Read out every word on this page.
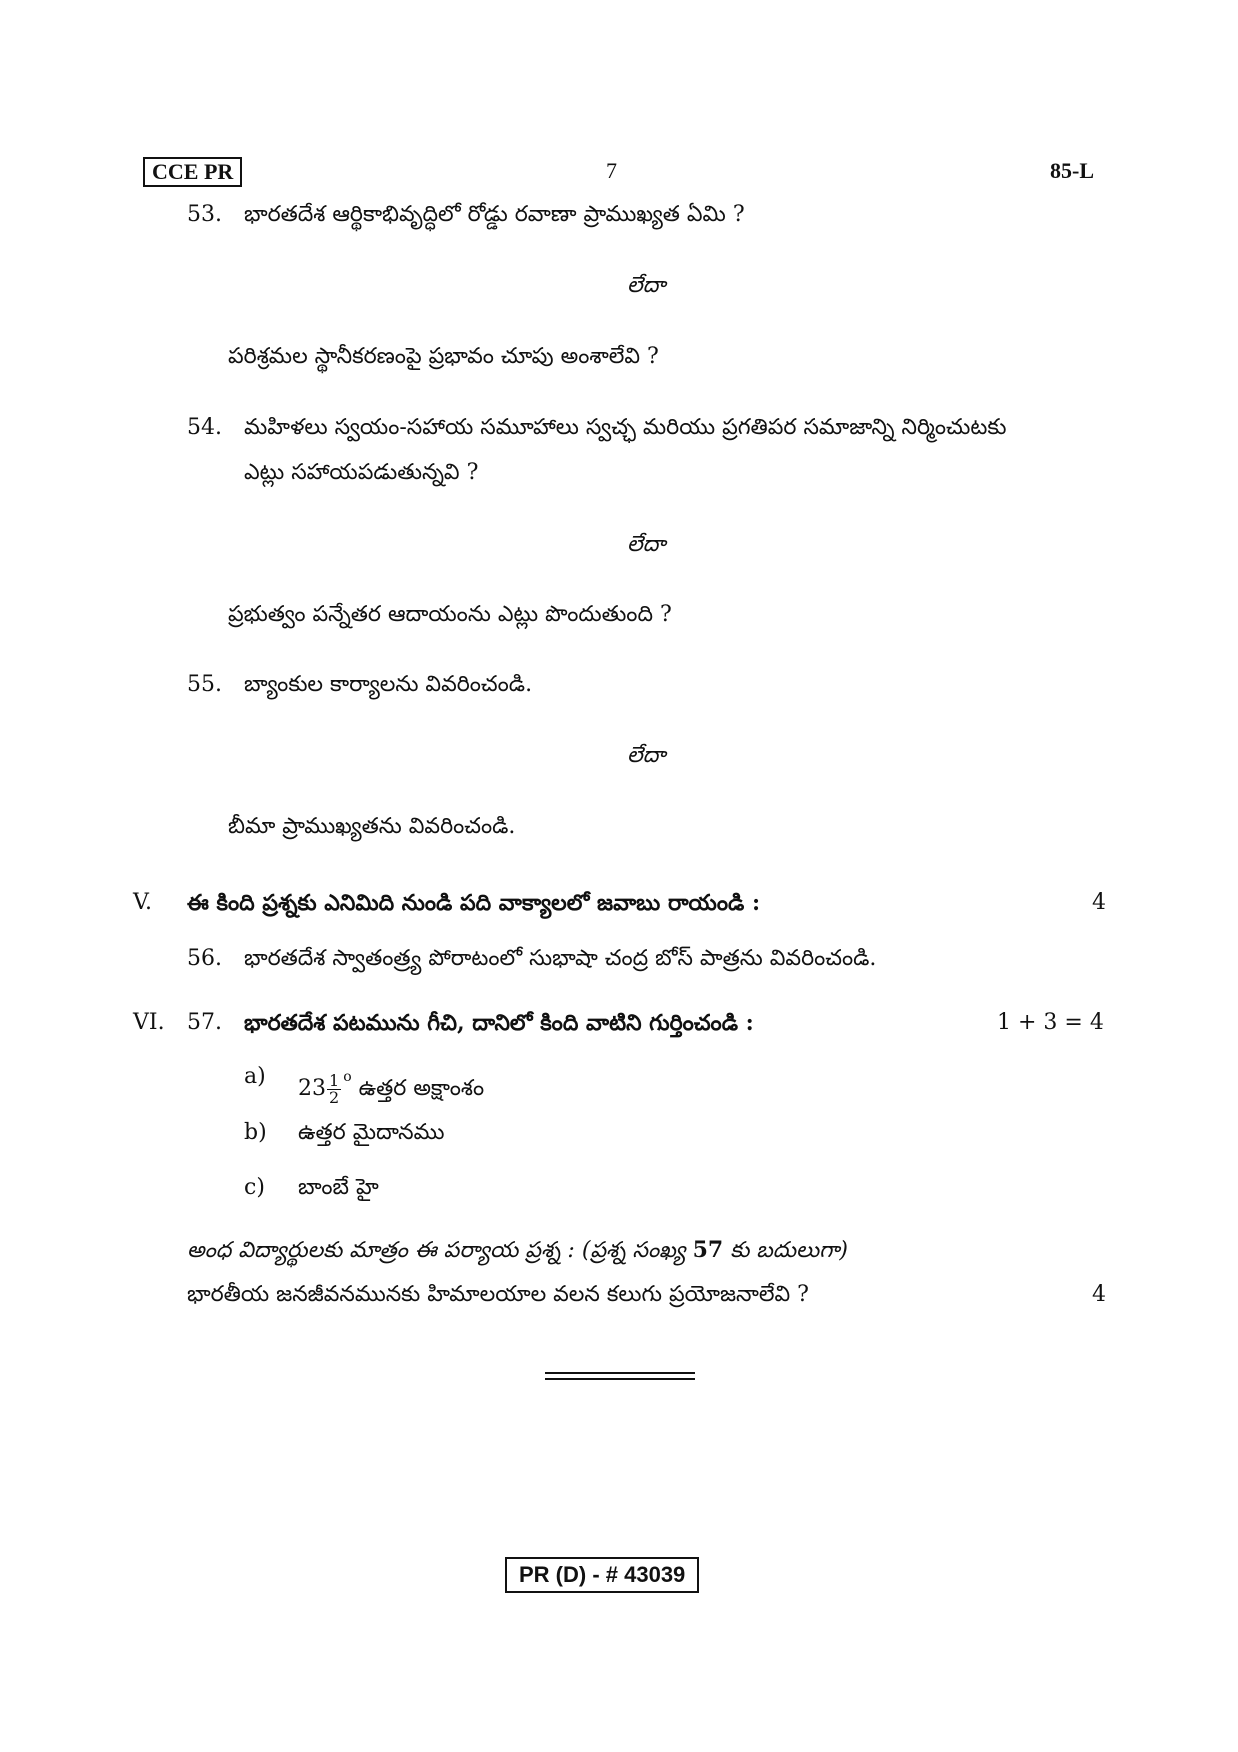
CCE PR	7	85-L
53. భారతదేశ ఆర్థికాభివృద్ధిలో రోడ్డు రవాణా ప్రాముఖ్యత ఏమి ?
లేదా
పరిశ్రమల స్థానీకరణంపై ప్రభావం చూపు అంశాలేవి ?
54. మహిళలు స్వయం-సహాయ సమూహాలు స్వచ్ఛ మరియు ప్రగతిపర సమాజాన్ని నిర్మించుటకు
ఎట్లు సహాయపడుతున్నవి ?
లేదా
ప్రభుత్వం పన్నేతర ఆదాయంను ఎట్లు పొందుతుంది ?
55. బ్యాంకుల కార్యాలను వివరించండి.
లేదా
బీమా ప్రాముఖ్యతను వివరించండి.
V. ఈ కింది ప్రశ్నకు ఎనిమిది నుండి పది వాక్యాలలో జవాబు రాయండి :	4
56. భారతదేశ స్వాతంత్ర్య పోరాటంలో సుభాషా చంద్ర బోస్ పాత్రను వివరించండి.
VI. 57. భారతదేశ పటమును గీచి, దానిలో కింది వాటిని గుర్తించండి :	1 + 3 = 4
a) $23 \frac{1}{2} ^o$ ఉత్తర అక్షాంశం
b) ఉత్తర మైదానము
c) బాంబే హై
అంధ విద్యార్థులకు మాత్రం ఈ పర్యాయ ప్రశ్న : (ప్రశ్న సంఖ్య 57 కు బదులుగా)
భారతీయ జనజీవనమునకు హిమాలయాల వలన కలుగు ప్రయోజనాలేవి ?	4
PR (D) - # 43039
